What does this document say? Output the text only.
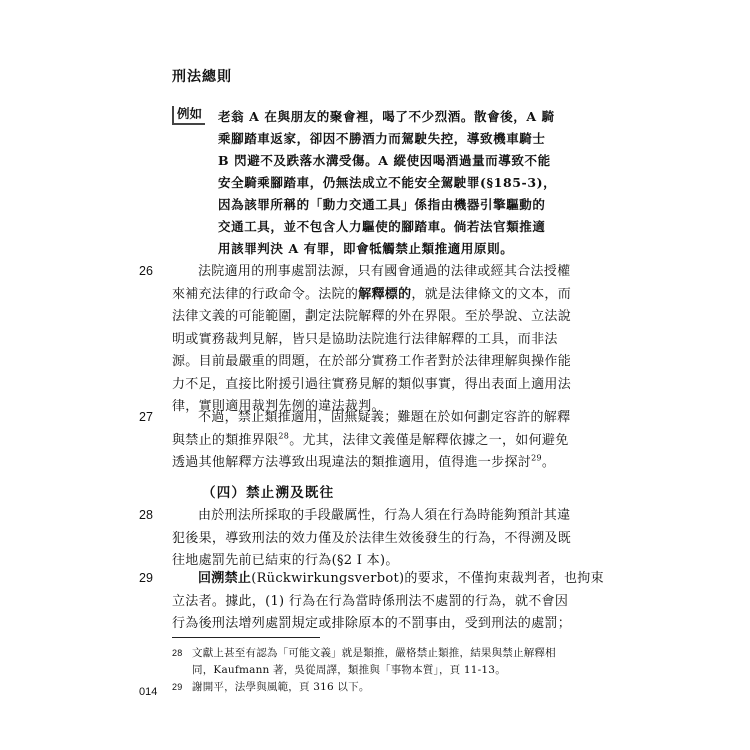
刑法總則
例如 老翁 A 在與朋友的聚會裡，喝了不少烈酒。散會後，A 騎
乘腳踏車返家，卻因不勝酒力而駕駛失控，導致機車騎士
B 閃避不及跌落水溝受傷。A 縱使因喝酒過量而導致不能
安全騎乘腳踏車，仍無法成立不能安全駕駛罪(§185-3)，
因為該罪所稱的「動力交通工具」係指由機器引擎驅動的
交通工具，並不包含人力驅使的腳踏車。倘若法官類推適
用該罪判決 A 有罪，即會牴觸禁止類推適用原則。
26	法院適用的刑事處罰法源，只有國會通過的法律或經其合法授權
來補充法律的行政命令。法院的解釋標的，就是法律條文的文本，而
法律文義的可能範圍，劃定法院解釋的外在界限。至於學說、立法說
明或實務裁判見解，皆只是協助法院進行法律解釋的工具，而非法
源。目前最嚴重的問題，在於部分實務工作者對於法律理解與操作能
力不足，直接比附援引過往實務見解的類似事實，得出表面上適用法
律，實則適用裁判先例的違法裁判。
27	不過，禁止類推適用，固無疑義；難題在於如何劃定容許的解釋
與禁止的類推界限$^{28}$。尤其，法律文義僅是解釋依據之一，如何避免
透過其他解釋方法導致出現違法的類推適用，值得進一步探討$^{29}$。
（四）禁止溯及既往
28	由於刑法所採取的手段嚴厲性，行為人須在行為時能夠預計其違
犯後果，導致刑法的效力僅及於法律生效後發生的行為，不得溯及既
往地處罰先前已結束的行為(§2 I 本)。
29	回溯禁止(Rückwirkungsverbot)的要求，不僅拘束裁判者，也拘束
立法者。據此，(1) 行為在行為當時係刑法不處罰的行為，就不會因
行為後刑法增列處罰規定或排除原本的不罰事由，受到刑法的處罰；
28 文獻上甚至有認為「可能文義」就是類推，嚴格禁止類推，結果與禁止解釋相
同，Kaufmann 著，吳從周譯，類推與「事物本質」，頁 11-13。
29 謝開平，法學與風範，頁 316 以下。
014
